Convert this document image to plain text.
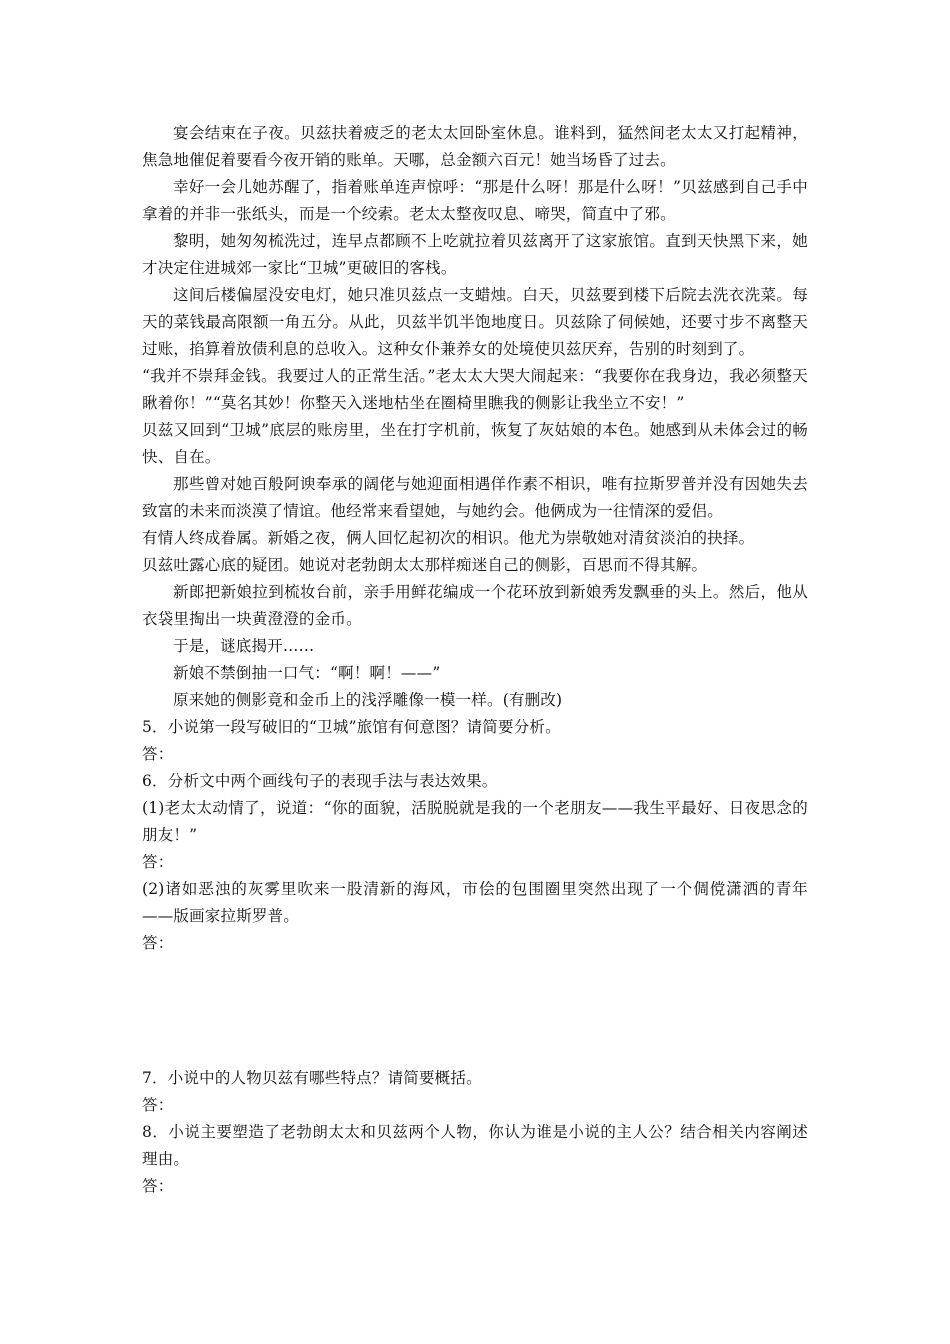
宴会结束在子夜。贝兹扶着疲乏的老太太回卧室休息。谁料到，猛然间老太太又打起精神，焦急地催促着要看今夜开销的账单。天哪，总金额六百元！她当场昏了过去。

幸好一会儿她苏醒了，指着账单连声惊呼：“那是什么呀！那是什么呀！”贝兹感到自己手中拿着的并非一张纸头，而是一个绞索。老太太整夜叹息、啼哭，简直中了邪。

黎明，她匆匆梳洗过，连早点都顾不上吃就拉着贝兹离开了这家旅馆。直到天快黑下来，她才决定住进城郊一家比“卫城”更破旧的客栈。

这间后楼偏屋没安电灯，她只准贝兹点一支蜡烛。白天，贝兹要到楼下后院去洗衣洗菜。每天的菜钱最高限额一角五分。从此，贝兹半饥半饱地度日。贝兹除了伺候她，还要寸步不离整天过账，掐算着放债利息的总收入。这种女仆兼养女的处境使贝兹厌弃，告别的时刻到了。

“我并不崇拜金钱。我要过人的正常生活。”老太太大哭大闹起来：“我要你在我身边，我必须整天瞅着你！”“莫名其妙！你整天入迷地枯坐在圈椅里瞧我的侧影让我坐立不安！”

贝兹又回到“卫城”底层的账房里，坐在打字机前，恢复了灰姑娘的本色。她感到从未体会过的畅快、自在。

那些曾对她百般阿谀奉承的阔佬与她迎面相遇佯作素不相识，唯有拉斯罗普并没有因她失去致富的未来而淡漠了情谊。他经常来看望她，与她约会。他俩成为一往情深的爱侣。

有情人终成眷属。新婚之夜，俩人回忆起初次的相识。他尤为崇敬她对清贫淡泊的抉择。

贝兹吐露心底的疑团。她说对老勃朗太太那样痴迷自己的侧影，百思而不得其解。

新郎把新娘拉到梳妆台前，亲手用鲜花编成一个花环放到新娘秀发飘垂的头上。然后，他从衣袋里掏出一块黄澄澄的金币。

于是，谜底揭开……

新娘不禁倒抽一口气：“啊！啊！——”

原来她的侧影竟和金币上的浅浮雕像一模一样。(有删改)

5．小说第一段写破旧的“卫城”旅馆有何意图？请简要分析。

答：

6．分析文中两个画线句子的表现手法与表达效果。

(1)老太太动情了，说道：“你的面貌，活脱脱就是我的一个老朋友——我生平最好、日夜思念的朋友！”

答：

(2)诸如恶浊的灰雾里吹来一股清新的海风，市侩的包围圈里突然出现了一个倜傥潇洒的青年——版画家拉斯罗普。

答：

7．小说中的人物贝兹有哪些特点？请简要概括。

答：

8．小说主要塑造了老勃朗太太和贝兹两个人物，你认为谁是小说的主人公？结合相关内容阐述理由。

答：
